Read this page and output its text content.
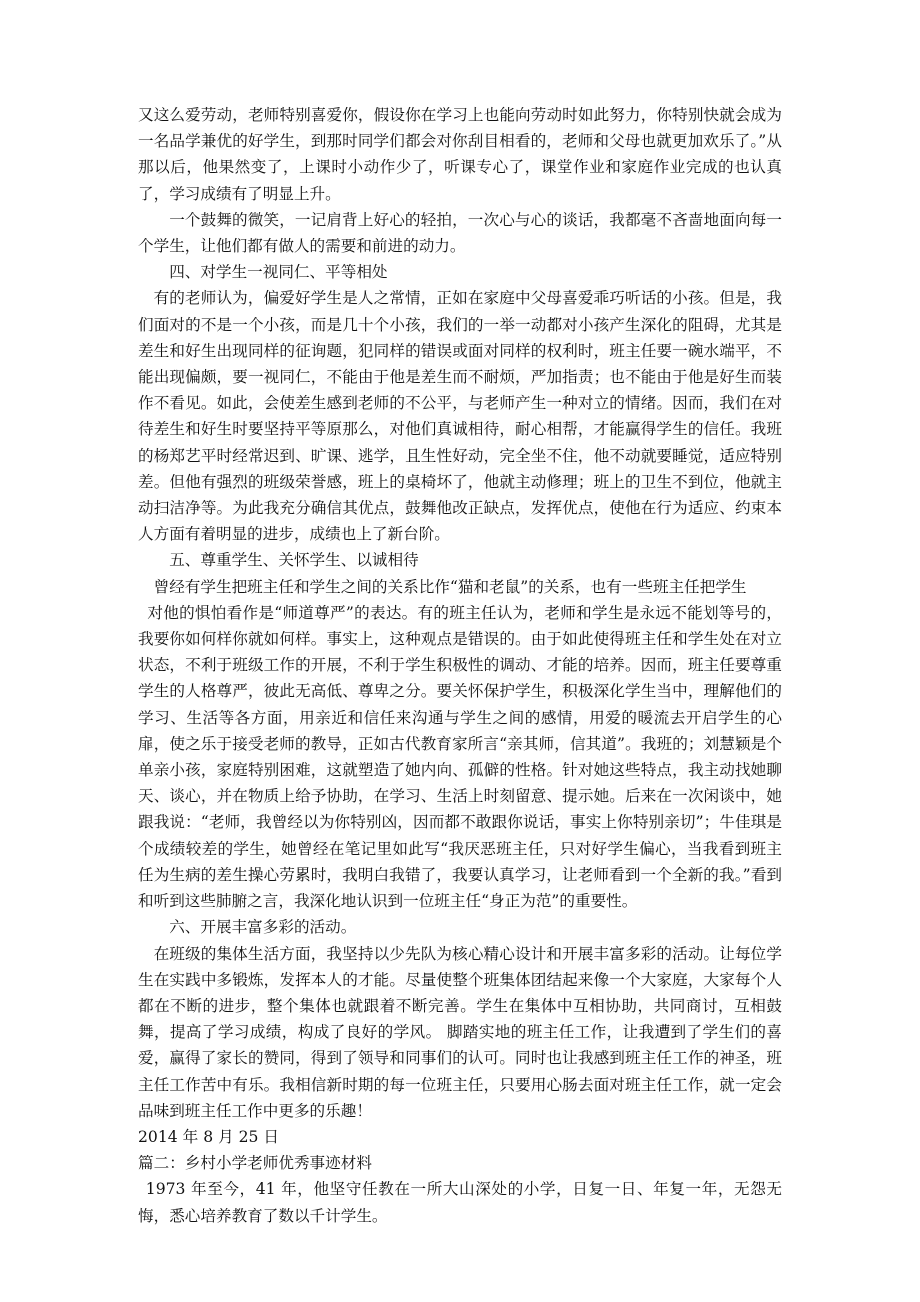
又这么爱劳动，老师特别喜爱你，假设你在学习上也能向劳动时如此努力，你特别快就会成为一名品学兼优的好学生，到那时同学们都会对你刮目相看的，老师和父母也就更加欢乐了。”从那以后，他果然变了，上课时小动作少了，听课专心了，课堂作业和家庭作业完成的也认真了，学习成绩有了明显上升。

一个鼓舞的微笑，一记肩背上好心的轻拍，一次心与心的谈话，我都毫不吝啬地面向每一个学生，让他们都有做人的需要和前进的动力。

四、对学生一视同仁、平等相处

有的老师认为，偏爱好学生是人之常情，正如在家庭中父母喜爱乖巧听话的小孩。但是，我们面对的不是一个小孩，而是几十个小孩，我们的一举一动都对小孩产生深化的阻碍，尤其是差生和好生出现同样的征询题，犯同样的错误或面对同样的权利时，班主任要一碗水端平，不能出现偏颇，要一视同仁，不能由于他是差生而不耐烦，严加指责；也不能由于他是好生而装作不看见。如此，会使差生感到老师的不公平，与老师产生一种对立的情绪。因而，我们在对待差生和好生时要坚持平等原那么，对他们真诚相待，耐心相帮，才能赢得学生的信任。我班的杨郑艺平时经常迟到、旷课、逃学，且生性好动，完全坐不住，他不动就要睡觉，适应特别差。但他有强烈的班级荣誉感，班上的桌椅坏了，他就主动修理；班上的卫生不到位，他就主动扫洁净等。为此我充分确信其优点，鼓舞他改正缺点，发挥优点，使他在行为适应、约束本人方面有着明显的进步，成绩也上了新台阶。

五、尊重学生、关怀学生、以诚相待

曾经有学生把班主任和学生之间的关系比作“猫和老鼠”的关系，也有一些班主任把学生

对他的惧怕看作是“师道尊严”的表达。有的班主任认为，老师和学生是永远不能划等号的，我要你如何样你就如何样。事实上，这种观点是错误的。由于如此使得班主任和学生处在对立状态，不利于班级工作的开展，不利于学生积极性的调动、才能的培养。因而，班主任要尊重学生的人格尊严，彼此无高低、尊卑之分。要关怀保护学生，积极深化学生当中，理解他们的学习、生活等各方面，用亲近和信任来沟通与学生之间的感情，用爱的暖流去开启学生的心扉，使之乐于接受老师的教导，正如古代教育家所言“亲其师，信其道”。我班的；刘慧颖是个单亲小孩，家庭特别困难，这就塑造了她内向、孤僻的性格。针对她这些特点，我主动找她聊天、谈心，并在物质上给予协助，在学习、生活上时刻留意、提示她。后来在一次闲谈中，她跟我说：“老师，我曾经以为你特别凶，因而都不敢跟你说话，事实上你特别亲切”；牛佳琪是个成绩较差的学生，她曾经在笔记里如此写“我厌恶班主任，只对好学生偏心，当我看到班主任为生病的差生操心劳累时，我明白我错了，我要认真学习，让老师看到一个全新的我。”看到和听到这些肺腑之言，我深化地认识到一位班主任“身正为范”的重要性。

六、开展丰富多彩的活动。

在班级的集体生活方面，我坚持以少先队为核心精心设计和开展丰富多彩的活动。让每位学生在实践中多锻炼，发挥本人的才能。尽量使整个班集体团结起来像一个大家庭，大家每个人都在不断的进步，整个集体也就跟着不断完善。学生在集体中互相协助，共同商讨，互相鼓舞，提高了学习成绩，构成了良好的学风。 脚踏实地的班主任工作，让我遭到了学生们的喜爱，赢得了家长的赞同，得到了领导和同事们的认可。同时也让我感到班主任工作的神圣，班主任工作苦中有乐。我相信新时期的每一位班主任，只要用心肠去面对班主任工作，就一定会品味到班主任工作中更多的乐趣！

2014 年 8 月 25 日

篇二：乡村小学老师优秀事迹材料

1973 年至今，41 年，他坚守任教在一所大山深处的小学，日复一日、年复一年，无怨无悔，悉心培养教育了数以千计学生。
